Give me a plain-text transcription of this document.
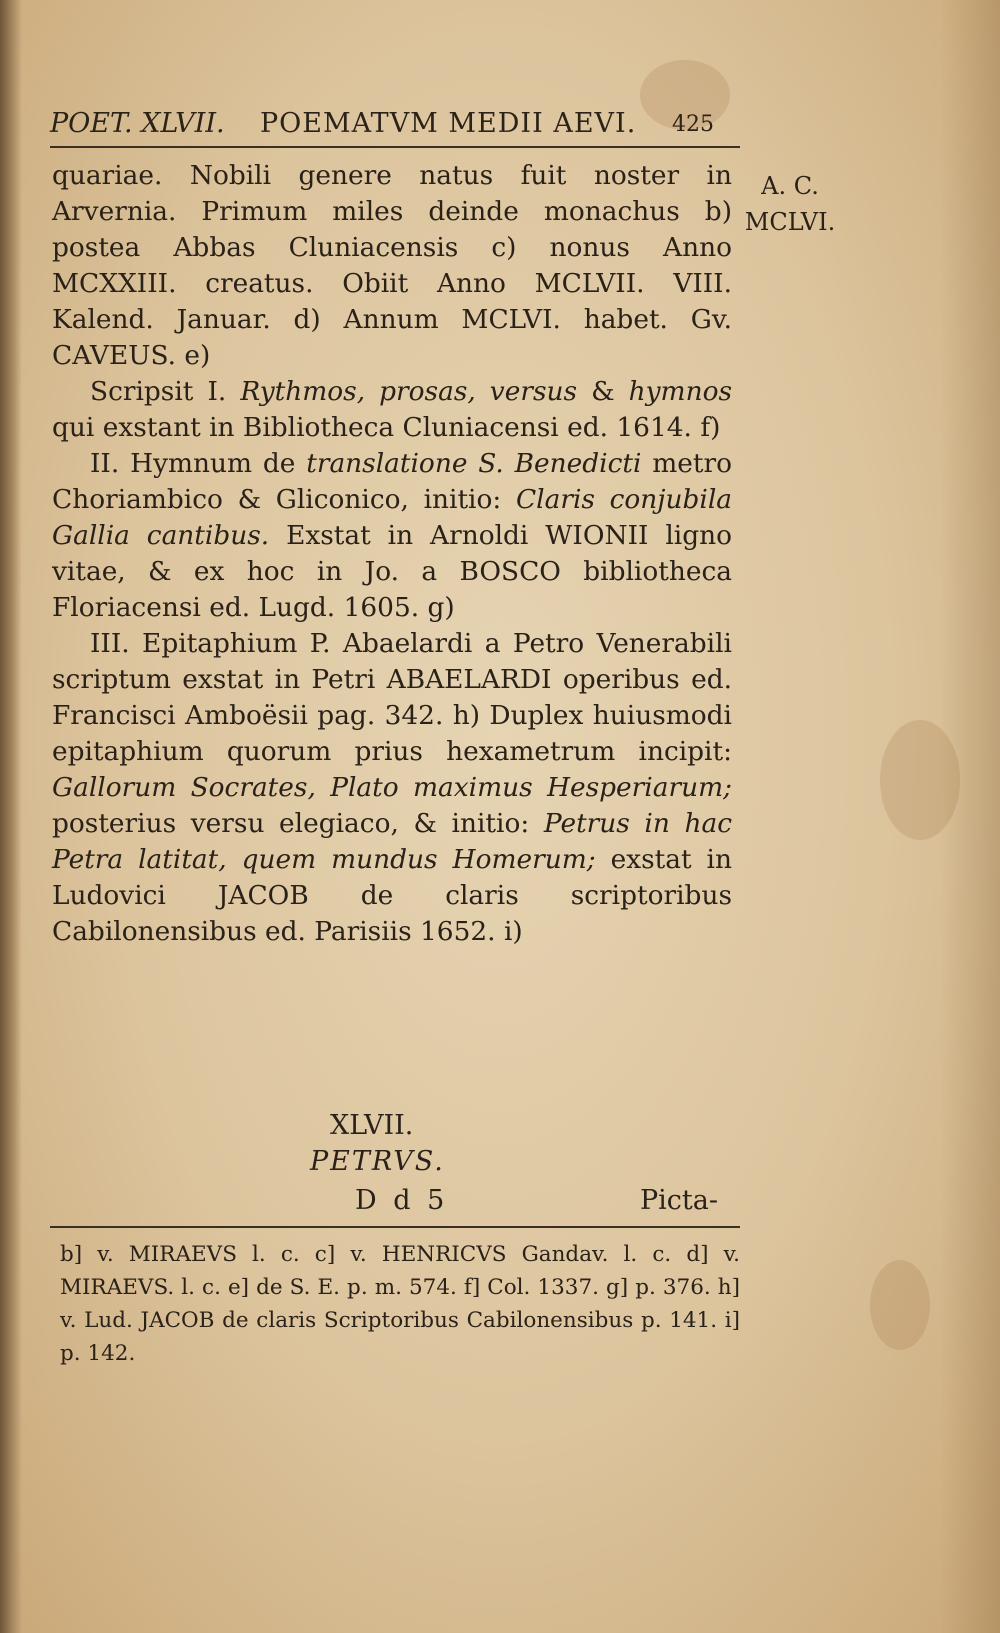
POET. XLVII. POEMATVM MEDII AEVI. 425
A. C.
MCLVI.

quariae. Nobili genere natus fuit noster in Arvernia. Primum miles deinde monachus b) postea Abbas Cluniacensis c) nonus Anno MCXXIII. creatus. Obiit Anno MCLVII. VIII. Kalend. Januar. d) Annum MCLVI. habet. Gv. CAVEUS. e)

Scripsit I. Rythmos, prosas, versus & hymnos qui exstant in Bibliotheca Cluniacensi ed. 1614. f)

II. Hymnum de translatione S. Benedicti metro Choriambico & Gliconico, initio: Claris conjubila Gallia cantibus. Exstat in Arnoldi WIONII ligno vitae, & ex hoc in Jo. a BOSCO bibliotheca Floriacensi ed. Lugd. 1605. g)

III. Epitaphium P. Abaelardi a Petro Venerabili scriptum exstat in Petri ABAELARDI operibus ed. Francisci Amboësii pag. 342. h) Duplex huiusmodi epitaphium quorum prius hexametrum incipit: Gallorum Socrates, Plato maximus Hesperiarum; posterius versu elegiaco, & initio: Petrus in hac Petra latitat, quem mundus Homerum; exstat in Ludovici JACOB de claris scriptoribus Cabilonensibus ed. Parisiis 1652. i)

XLVII.
PETRVS.
D d 5	Picta-

b] v. MIRAEVS l. c. c] v. HENRICVS Gandav. l. c. d] v. MIRAEVS. l. c. e] de S. E. p. m. 574. f] Col. 1337. g] p. 376. h] v. Lud. JACOB de claris Scriptoribus Cabilonensibus p. 141. i] p. 142.
